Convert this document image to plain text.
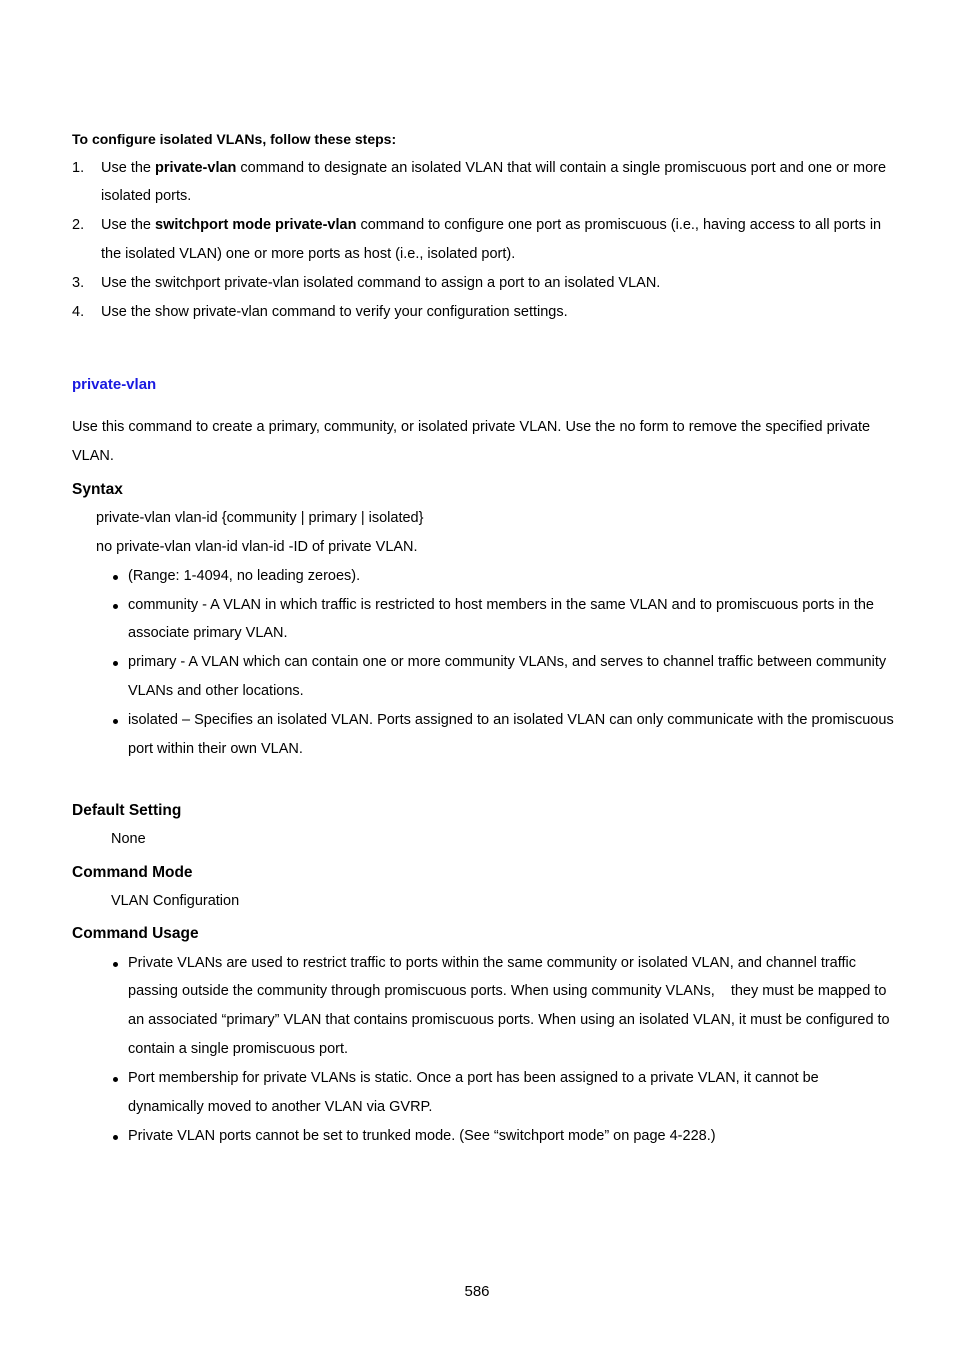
To configure isolated VLANs, follow these steps:
1. Use the private-vlan command to designate an isolated VLAN that will contain a single promiscuous port and one or more
isolated ports.
2. Use the switchport mode private-vlan command to configure one port as promiscuous (i.e., having access to all ports in
the isolated VLAN) one or more ports as host (i.e., isolated port).
3. Use the switchport private-vlan isolated command to assign a port to an isolated VLAN.
4. Use the show private-vlan command to verify your configuration settings.
private-vlan
Use this command to create a primary, community, or isolated private VLAN. Use the no form to remove the specified private
VLAN.
Syntax
private-vlan vlan-id {community | primary | isolated}
no private-vlan vlan-id vlan-id -ID of private VLAN.
(Range: 1-4094, no leading zeroes).
community - A VLAN in which traffic is restricted to host members in the same VLAN and to promiscuous ports in the
associate primary VLAN.
primary - A VLAN which can contain one or more community VLANs, and serves to channel traffic between community
VLANs and other locations.
isolated – Specifies an isolated VLAN. Ports assigned to an isolated VLAN can only communicate with the promiscuous
port within their own VLAN.
Default Setting
None
Command Mode
VLAN Configuration
Command Usage
Private VLANs are used to restrict traffic to ports within the same community or isolated VLAN, and channel traffic
passing outside the community through promiscuous ports. When using community VLANs,    they must be mapped to
an associated “primary” VLAN that contains promiscuous ports. When using an isolated VLAN, it must be configured to
contain a single promiscuous port.
Port membership for private VLANs is static. Once a port has been assigned to a private VLAN, it cannot be
dynamically moved to another VLAN via GVRP.
Private VLAN ports cannot be set to trunked mode. (See “switchport mode” on page 4-228.)
586
